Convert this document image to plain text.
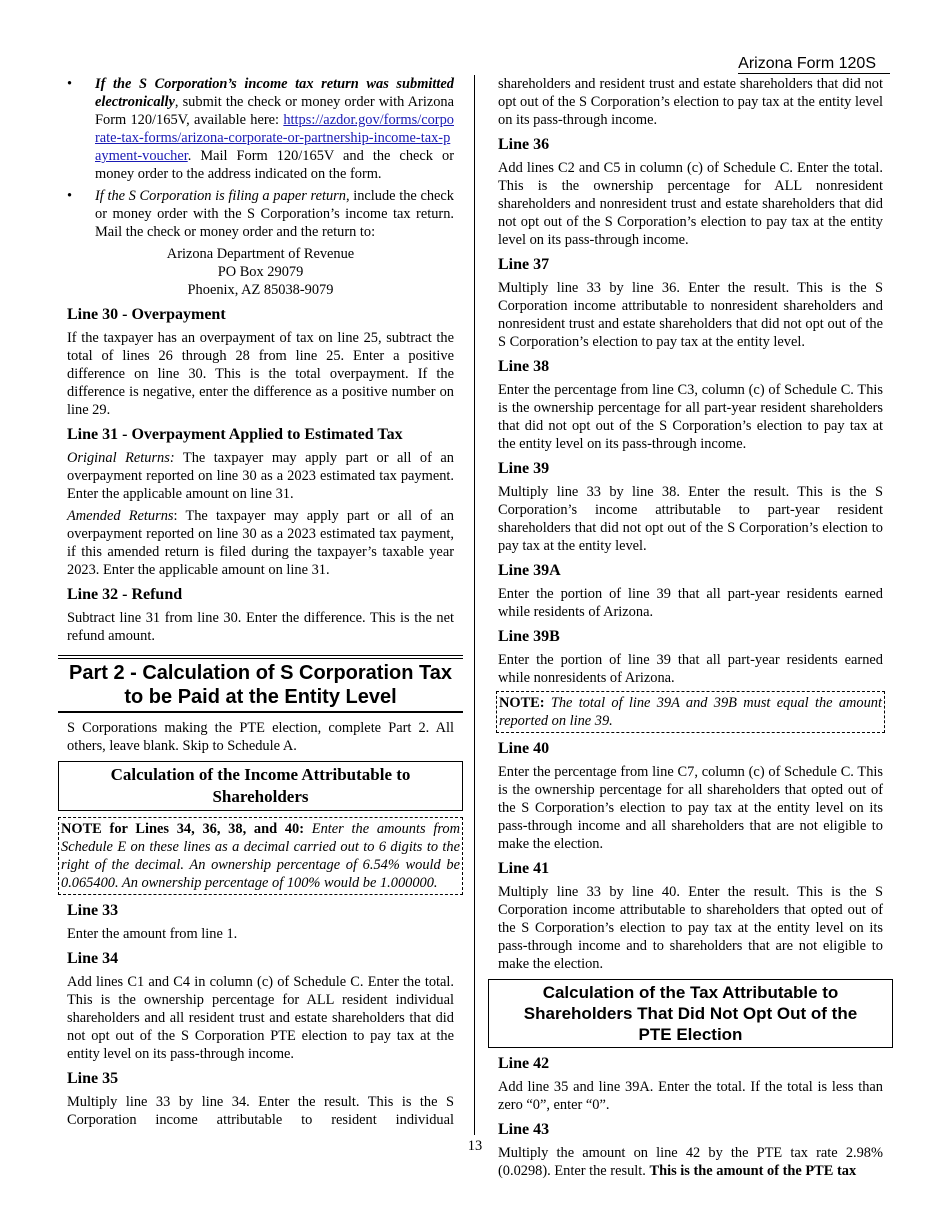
Arizona Form 120S
• If the S Corporation’s income tax return was submitted electronically, submit the check or money order with Arizona Form 120/165V, available here: https://azdor.gov/forms/corporate-tax-forms/arizona-corporate-or-partnership-income-tax-payment-voucher. Mail Form 120/165V and the check or money order to the address indicated on the form.
• If the S Corporation is filing a paper return, include the check or money order with the S Corporation’s income tax return. Mail the check or money order and the return to:
Arizona Department of Revenue
PO Box 29079
Phoenix, AZ 85038-9079
Line 30 - Overpayment

If the taxpayer has an overpayment of tax on line 25, subtract the total of lines 26 through 28 from line 25. Enter a positive difference on line 30. This is the total overpayment. If the difference is negative, enter the difference as a positive number on line 29.

Line 31 - Overpayment Applied to Estimated Tax

Original Returns: The taxpayer may apply part or all of an overpayment reported on line 30 as a 2023 estimated tax payment. Enter the applicable amount on line 31.

Amended Returns: The taxpayer may apply part or all of an overpayment reported on line 30 as a 2023 estimated tax payment, if this amended return is filed during the taxpayer’s taxable year 2023. Enter the applicable amount on line 31.

Line 32 - Refund

Subtract line 31 from line 30. Enter the difference. This is the net refund amount.

Part 2 - Calculation of S Corporation Tax
to be Paid at the Entity Level

S Corporations making the PTE election, complete Part 2. All others, leave blank. Skip to Schedule A.

Calculation of the Income Attributable to
Shareholders
NOTE for Lines 34, 36, 38, and 40: Enter the amounts from Schedule E on these lines as a decimal carried out to 6 digits to the right of the decimal. An ownership percentage of 6.54% would be 0.065400. An ownership percentage of 100% would be 1.000000.
Line 33

Enter the amount from line 1.

Line 34

Add lines C1 and C4 in column (c) of Schedule C. Enter the total. This is the ownership percentage for ALL resident individual shareholders and all resident trust and estate shareholders that did not opt out of the S Corporation PTE election to pay tax at the entity level on its pass-through income.

Line 35

Multiply line 33 by line 34. Enter the result. This is the S Corporation income attributable to resident individual

shareholders and resident trust and estate shareholders that did not opt out of the S Corporation’s election to pay tax at the entity level on its pass-through income.

Line 36

Add lines C2 and C5 in column (c) of Schedule C. Enter the total. This is the ownership percentage for ALL nonresident shareholders and nonresident trust and estate shareholders that did not opt out of the S Corporation’s election to pay tax at the entity level on its pass-through income.

Line 37

Multiply line 33 by line 36. Enter the result. This is the S Corporation income attributable to nonresident shareholders and nonresident trust and estate shareholders that did not opt out of the S Corporation’s election to pay tax at the entity level.

Line 38

Enter the percentage from line C3, column (c) of Schedule C. This is the ownership percentage for all part-year resident shareholders that did not opt out of the S Corporation’s election to pay tax at the entity level on its pass-through income.

Line 39

Multiply line 33 by line 38. Enter the result. This is the S Corporation’s income attributable to part-year resident shareholders that did not opt out of the S Corporation’s election to pay tax at the entity level.

Line 39A

Enter the portion of line 39 that all part-year residents earned while residents of Arizona.

Line 39B

Enter the portion of line 39 that all part-year residents earned while nonresidents of Arizona.

NOTE: The total of line 39A and 39B must equal the amount reported on line 39.
Line 40

Enter the percentage from line C7, column (c) of Schedule C. This is the ownership percentage for all shareholders that opted out of the S Corporation’s election to pay tax at the entity level on its pass-through income and all shareholders that are not eligible to make the election.

Line 41

Multiply line 33 by line 40. Enter the result. This is the S Corporation income attributable to shareholders that opted out of the S Corporation’s election to pay tax at the entity level on its pass-through income and to shareholders that are not eligible to make the election.

Calculation of the Tax Attributable to
Shareholders That Did Not Opt Out of the
PTE Election
Line 42

Add line 35 and line 39A. Enter the total. If the total is less than zero “0”, enter “0”.

Line 43

Multiply the amount on line 42 by the PTE tax rate 2.98% (0.0298). Enter the result. This is the amount of the PTE tax

13
